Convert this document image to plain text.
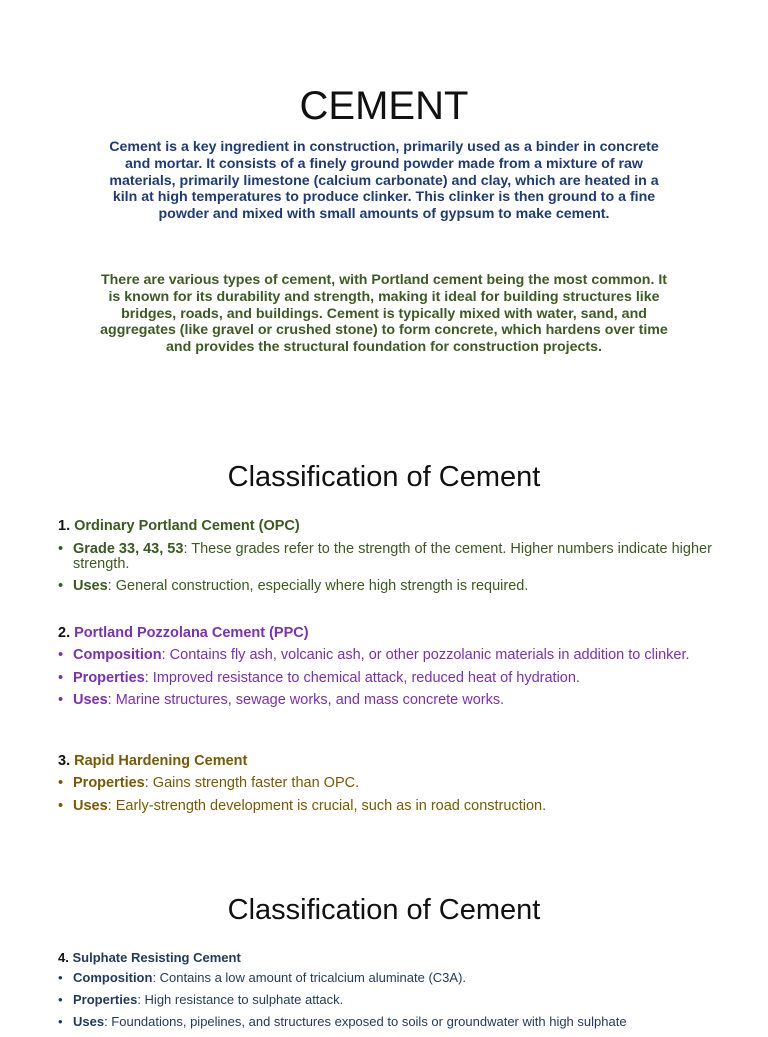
CEMENT

Cement is a key ingredient in construction, primarily used as a binder in concrete and mortar. It consists of a finely ground powder made from a mixture of raw materials, primarily limestone (calcium carbonate) and clay, which are heated in a kiln at high temperatures to produce clinker. This clinker is then ground to a fine powder and mixed with small amounts of gypsum to make cement.

There are various types of cement, with Portland cement being the most common. It is known for its durability and strength, making it ideal for building structures like bridges, roads, and buildings. Cement is typically mixed with water, sand, and aggregates (like gravel or crushed stone) to form concrete, which hardens over time and provides the structural foundation for construction projects.

Classification of Cement

1. Ordinary Portland Cement (OPC)

• Grade 33, 43, 53: These grades refer to the strength of the cement. Higher numbers indicate higher strength.
• Uses: General construction, especially where high strength is required.

2. Portland Pozzolana Cement (PPC)

• Composition: Contains fly ash, volcanic ash, or other pozzolanic materials in addition to clinker.
• Properties: Improved resistance to chemical attack, reduced heat of hydration.
• Uses: Marine structures, sewage works, and mass concrete works.

3. Rapid Hardening Cement

• Properties: Gains strength faster than OPC.
• Uses: Early-strength development is crucial, such as in road construction.
Classification of Cement

4. Sulphate Resisting Cement

• Composition: Contains a low amount of tricalcium aluminate (C3A).
• Properties: High resistance to sulphate attack.
• Uses: Foundations, pipelines, and structures exposed to soils or groundwater with high sulphate
